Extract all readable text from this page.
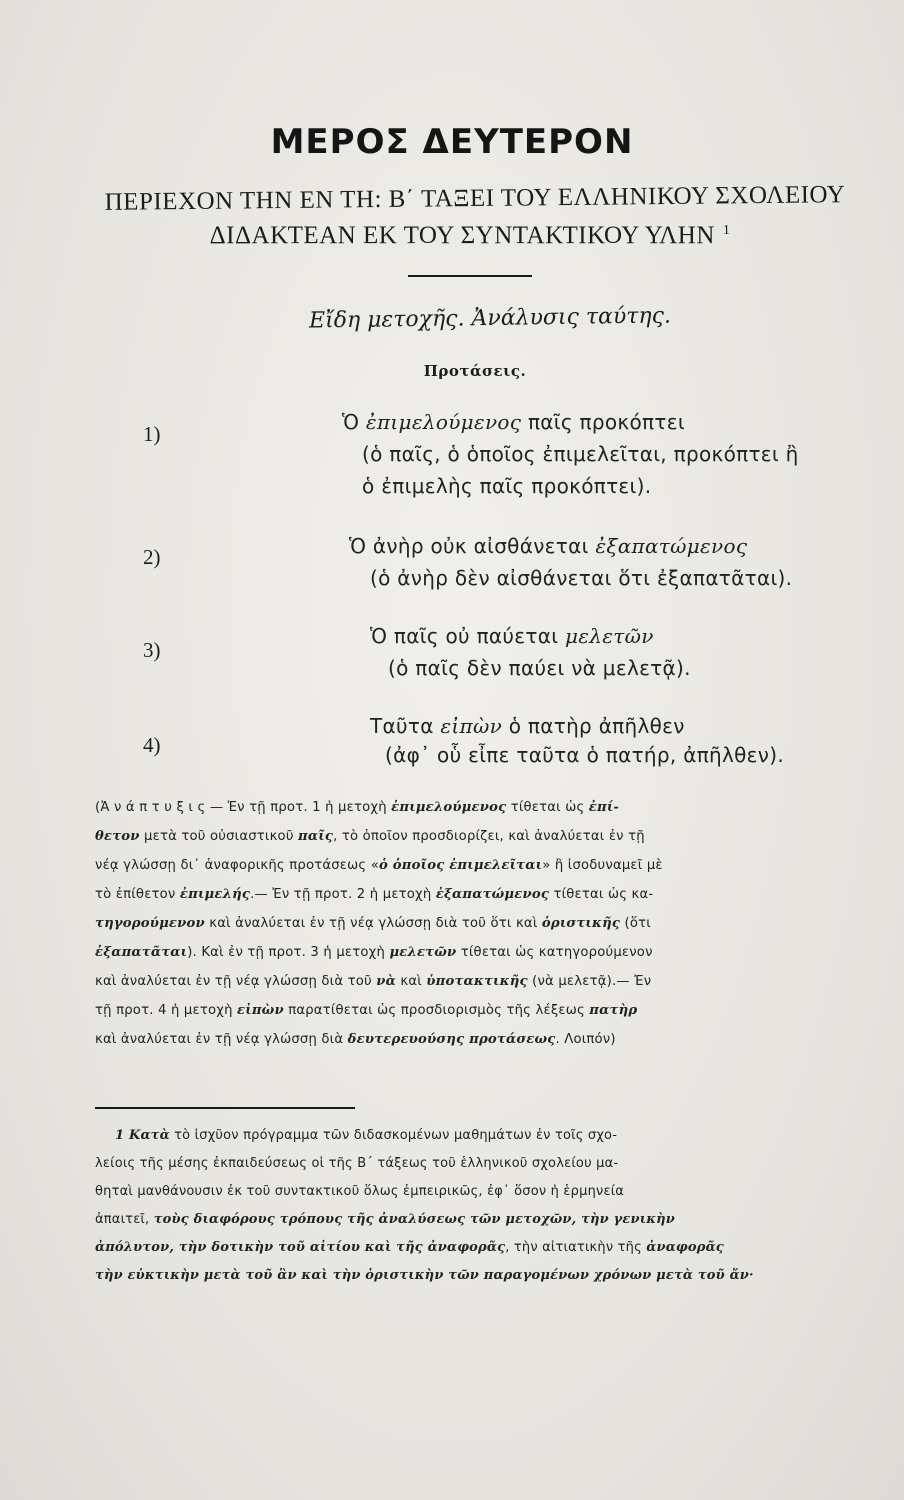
ΜΕΡΟΣ ΔΕΥΤΕΡΟΝ
ΠΕΡΙΕΧΟΝ ΤΗΝ ΕΝ ΤΗ: Β΄ ΤΑΞΕΙ ΤΟΥ ΕΛΛΗΝΙΚΟΥ ΣΧΟΛΕΙΟΥ
ΔΙΔΑΚΤΕΑΝ ΕΚ ΤΟΥ ΣΥΝΤΑΚΤΙΚΟΥ ΥΛΗΝ $^1$
Εἴδη μετοχῆς. Ἀνάλυσις ταύτης.
Προτάσεις.
1)	Ὁ ἐπιμελούμενος παῖς προκόπτει
(ὁ παῖς, ὁ ὁποῖος ἐπιμελεῖται, προκόπτει ἢ
ὁ ἐπιμελὴς παῖς προκόπτει).
2)	Ὁ ἀνὴρ οὐκ αἰσθάνεται ἐξαπατώμενος
(ὁ ἀνὴρ δὲν αἰσθάνεται ὅτι ἐξαπατᾶται).
3)
Ὁ παῖς οὐ παύεται μελετῶν
(ὁ παῖς δὲν παύει νὰ μελετᾷ).
4)
Ταῦτα εἰπὼν ὁ πατὴρ ἀπῆλθεν
(ἀφ᾽ οὗ εἶπε ταῦτα ὁ πατήρ, ἀπῆλθεν).
(Ἀ ν ά π τ υ ξ ι ς — Ἐν τῇ προτ. 1 ἡ μετοχὴ ἐπιμελούμενος τίθεται ὡς ἐπί-
θετον μετὰ τοῦ οὐσιαστικοῦ παῖς, τὸ ὁποῖον προσδιορίζει, καὶ ἀναλύεται ἐν τῇ
νέᾳ γλώσσῃ δι᾽ ἀναφορικῆς προτάσεως «ὁ ὁποῖος ἐπιμελεῖται» ἢ ἰσοδυναμεῖ μὲ
τὸ ἐπίθετον ἐπιμελής.— Ἐν τῇ προτ. 2 ἡ μετοχὴ ἐξαπατώμενος τίθεται ὡς κα-
τηγορούμενον καὶ ἀναλύεται ἐν τῇ νέᾳ γλώσσῃ διὰ τοῦ ὅτι καὶ ὁριστικῆς (ὅτι
ἐξαπατᾶται). Καὶ ἐν τῇ προτ. 3 ἡ μετοχὴ μελετῶν τίθεται ὡς κατηγορούμενον
καὶ ἀναλύεται ἐν τῇ νέᾳ γλώσσῃ διὰ τοῦ νὰ καὶ ὑποτακτικῆς (νὰ μελετᾷ).— Ἐν
τῇ προτ. 4 ἡ μετοχὴ εἰπὼν παρατίθεται ὡς προσδιορισμὸς τῆς λέξεως πατὴρ
καὶ ἀναλύεται ἐν τῇ νέᾳ γλώσσῃ διὰ δευτερευούσης προτάσεως. Λοιπόν)
1 Κατὰ τὸ ἰσχῦον πρόγραμμα τῶν διδασκομένων μαθημάτων ἐν τοῖς σχο-
λείοις τῆς μέσης ἐκπαιδεύσεως οἱ τῆς Β΄ τάξεως τοῦ ἑλληνικοῦ σχολείου μα-
θηταὶ μανθάνουσιν ἐκ τοῦ συντακτικοῦ ὅλως ἐμπειρικῶς, ἐφ᾽ ὅσον ἡ ἑρμηνεία
ἀπαιτεῖ, τοὺς διαφόρους τρόπους τῆς ἀναλύσεως τῶν μετοχῶν, τὴν γενικὴν
ἀπόλυτον, τὴν δοτικὴν τοῦ αἰτίου καὶ τῆς ἀναφορᾶς, τὴν αἰτιατικὴν τῆς ἀναφορᾶς
τὴν εὐκτικὴν μετὰ τοῦ ἂν καὶ τὴν ὁριστικὴν τῶν παραγομένων χρόνων μετὰ τοῦ ἄν·
